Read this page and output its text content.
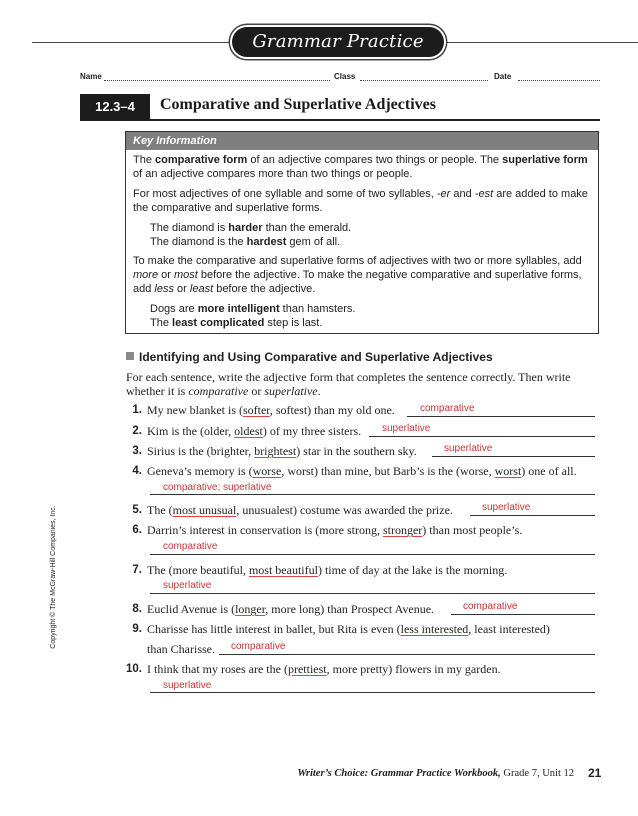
Grammar Practice
Name	Class	Date
12.3–4	Comparative and Superlative Adjectives
Key Information

The comparative form of an adjective compares two things or people. The superlative form of an adjective compares more than two things or people.

For most adjectives of one syllable and some of two syllables, -er and -est are added to make the comparative and superlative forms.

The diamond is harder than the emerald.
The diamond is the hardest gem of all.

To make the comparative and superlative forms of adjectives with two or more syllables, add more or most before the adjective. To make the negative comparative and superlative forms, add less or least before the adjective.

Dogs are more intelligent than hamsters.
The least complicated step is last.
Identifying and Using Comparative and Superlative Adjectives
For each sentence, write the adjective form that completes the sentence correctly. Then write whether it is comparative or superlative.
1. My new blanket is (softer, softest) than my old one.	comparative
2. Kim is the (older, oldest) of my three sisters. superlative
3. Sirius is the (brighter, brightest) star in the southern sky.	superlative
4. Geneva’s memory is (worse, worst) than mine, but Barb’s is the (worse, worst) one of all.
comparative; superlative
5. The (most unusual, unusualest) costume was awarded the prize.	superlative
6. Darrin’s interest in conservation is (more strong, stronger) than most people’s.
comparative
7. The (more beautiful, most beautiful) time of day at the lake is the morning.
superlative
8. Euclid Avenue is (longer, more long) than Prospect Avenue.	comparative
9. Charisse has little interest in ballet, but Rita is even (less interested, least interested)
than Charisse. comparative
10. I think that my roses are the (prettiest, more pretty) flowers in my garden.
superlative
Copyright © The McGraw-Hill Companies, Inc.
Writer’s Choice: Grammar Practice Workbook, Grade 7, Unit 12 21
